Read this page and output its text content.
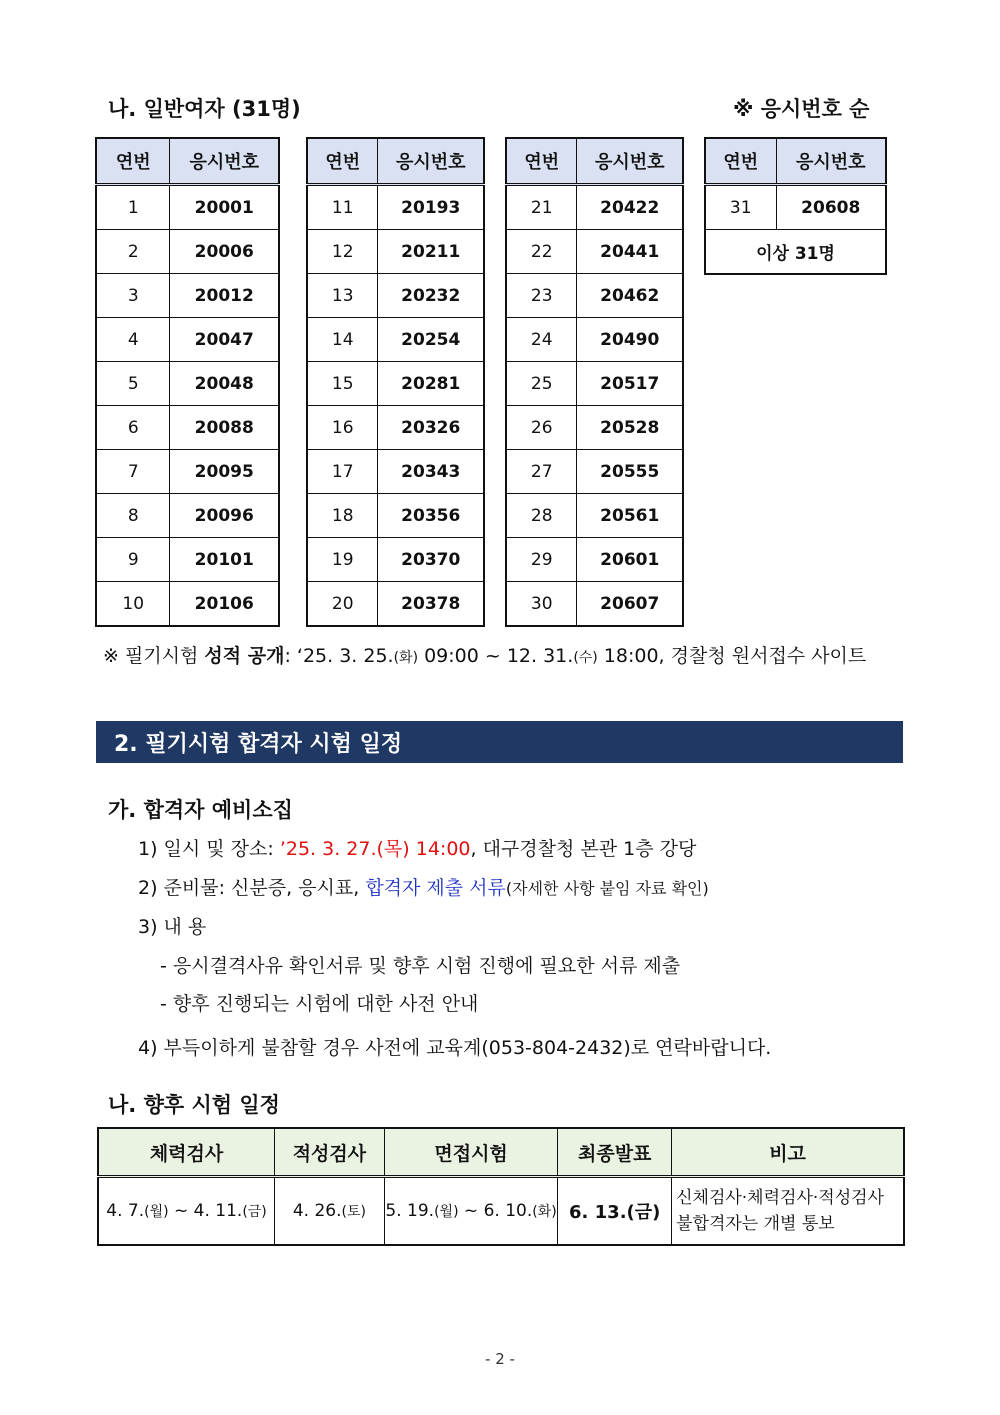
나. 일반여자 (31명)	※ 응시번호 순
연번	응시번호
1	20001
2	20006
3	20012
4	20047
5	20048
6	20088
7	20095
8	20096
9	20101
10	20106
연번	응시번호
11	20193
12	20211
13	20232
14	20254
15	20281
16	20326
17	20343
18	20356
19	20370
20	20378
연번	응시번호
21	20422
22	20441
23	20462
24	20490
25	20517
26	20528
27	20555
28	20561
29	20601
30	20607
연번	응시번호
31	20608
이상 31명	
※ 필기시험 성적 공개: ‘25. 3. 25.(화) 09:00 ~ 12. 31.(수) 18:00, 경찰청 원서접수 사이트
2. 필기시험 합격자 시험 일정
가. 합격자 예비소집
1) 일시 및 장소: ’25. 3. 27.(목) 14:00, 대구경찰청 본관 1층 강당
2) 준비물: 신분증, 응시표, 합격자 제출 서류(자세한 사항 붙임 자료 확인)
3) 내 용
- 응시결격사유 확인서류 및 향후 시험 진행에 필요한 서류 제출
- 향후 진행되는 시험에 대한 사전 안내
4) 부득이하게 불참할 경우 사전에 교육계(053-804-2432)로 연락바랍니다.
나. 향후 시험 일정
체력검사	적성검사	면접시험	최종발표	비고
4. 7.(월) ~ 4. 11.(금)	4. 26.(토)	5. 19.(월) ~ 6. 10.(화)	6. 13.(금)	신체검사·체력검사·적성검사
불합격자는 개별 통보
- 2 -
